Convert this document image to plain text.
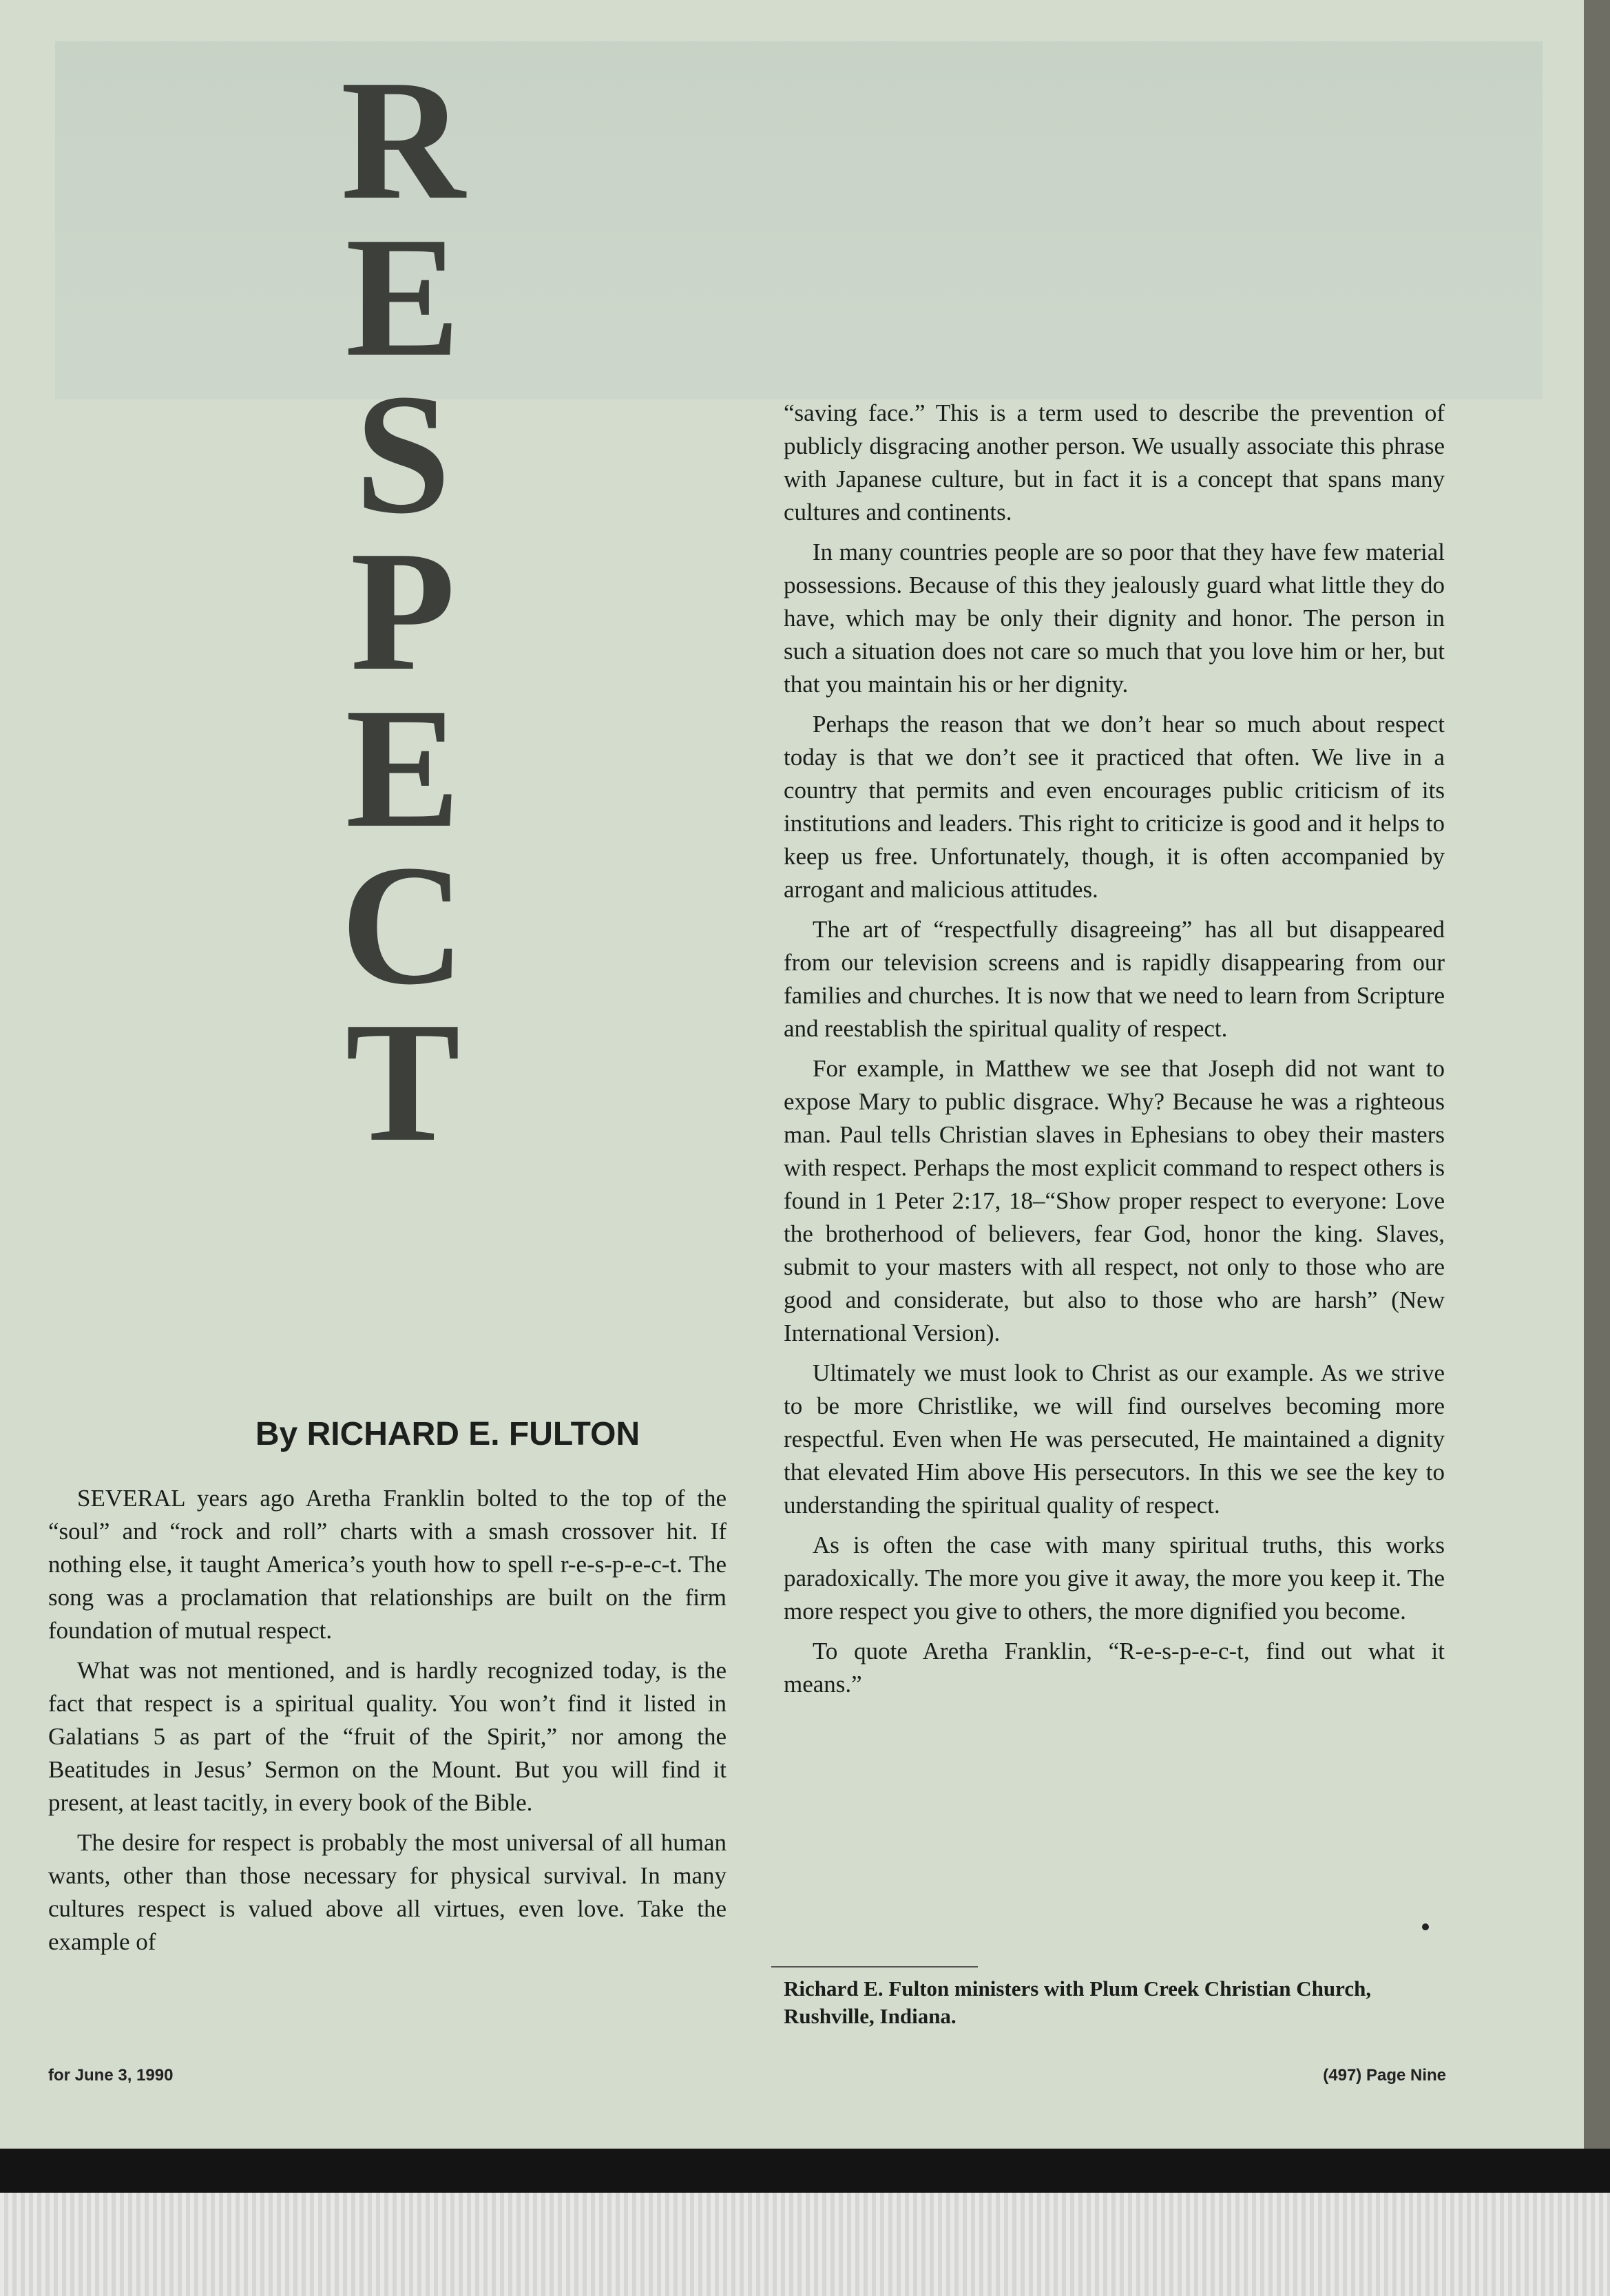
R
E
S
P
E
C
T
By RICHARD E. FULTON

SEVERAL years ago Aretha Franklin bolted to the top of the “soul” and “rock and roll” charts with a smash crossover hit. If nothing else, it taught America’s youth how to spell r-e-s-p-e-c-t. The song was a proclamation that relationships are built on the firm foundation of mutual respect.

What was not mentioned, and is hardly recognized today, is the fact that respect is a spiritual quality. You won’t find it listed in Galatians 5 as part of the “fruit of the Spirit,” nor among the Beatitudes in Jesus’ Sermon on the Mount. But you will find it present, at least tacitly, in every book of the Bible.

The desire for respect is probably the most universal of all human wants, other than those necessary for physical survival. In many cultures respect is valued above all virtues, even love. Take the example of

“saving face.” This is a term used to describe the prevention of publicly disgracing another person. We usually associate this phrase with Japanese culture, but in fact it is a concept that spans many cultures and continents.

In many countries people are so poor that they have few material possessions. Because of this they jealously guard what little they do have, which may be only their dignity and honor. The person in such a situation does not care so much that you love him or her, but that you maintain his or her dignity.

Perhaps the reason that we don’t hear so much about respect today is that we don’t see it practiced that often. We live in a country that permits and even encourages public criticism of its institutions and leaders. This right to criticize is good and it helps to keep us free. Unfortunately, though, it is often accompanied by arrogant and malicious attitudes.

The art of “respectfully disagreeing” has all but disappeared from our television screens and is rapidly disappearing from our families and churches. It is now that we need to learn from Scripture and reestablish the spiritual quality of respect.

For example, in Matthew we see that Joseph did not want to expose Mary to public disgrace. Why? Because he was a righteous man. Paul tells Christian slaves in Ephesians to obey their masters with respect. Perhaps the most explicit command to respect others is found in 1 Peter 2:17, 18–“Show proper respect to everyone: Love the brotherhood of believers, fear God, honor the king. Slaves, submit to your masters with all respect, not only to those who are good and considerate, but also to those who are harsh” (New International Version).

Ultimately we must look to Christ as our example. As we strive to be more Christlike, we will find ourselves becoming more respectful. Even when He was persecuted, He maintained a dignity that elevated Him above His persecutors. In this we see the key to understanding the spiritual quality of respect.

As is often the case with many spiritual truths, this works paradoxically. The more you give it away, the more you keep it. The more respect you give to others, the more dignified you become.

To quote Aretha Franklin, “R-e-s-p-e-c-t, find out what it means.”

Richard E. Fulton ministers with Plum Creek Christian Church, Rushville, Indiana.
for June 3, 1990	(497) Page Nine
